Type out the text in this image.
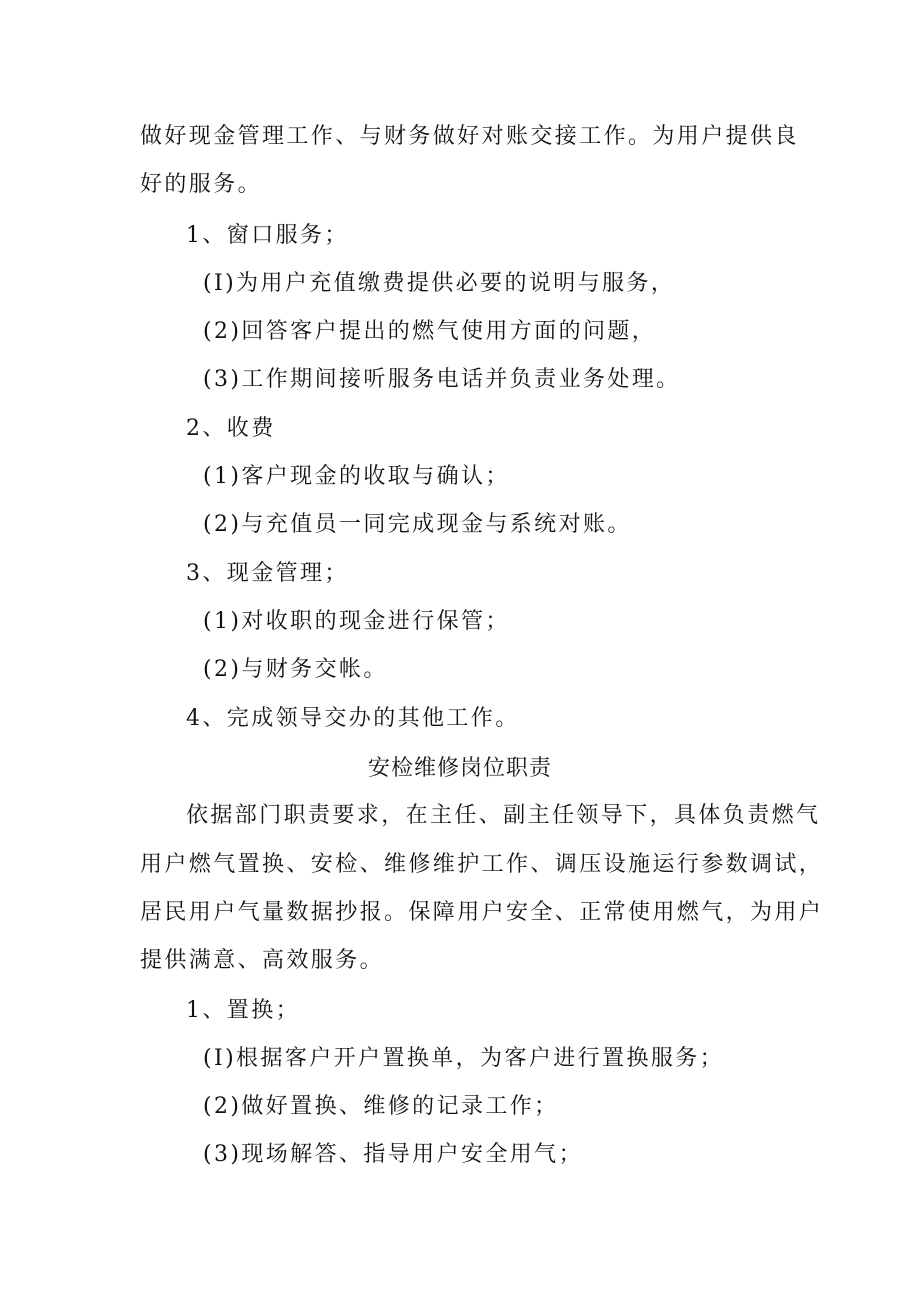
做好现金管理工作、与财务做好对账交接工作。为用户提供良
好的服务。
1、窗口服务；
(I)为用户充值缴费提供必要的说明与服务，
(2)回答客户提出的燃气使用方面的问题，
(3)工作期间接听服务电话并负责业务处理。
2、收费
(1)客户现金的收取与确认；
(2)与充值员一同完成现金与系统对账。
3、现金管理；
(1)对收职的现金进行保管；
(2)与财务交帐。
4、完成领导交办的其他工作。
安检维修岗位职责
依据部门职责要求，在主任、副主任领导下，具体负责燃气
用户燃气置换、安检、维修维护工作、调压设施运行参数调试，
居民用户气量数据抄报。保障用户安全、正常使用燃气，为用户
提供满意、高效服务。
1、置换；
(I)根据客户开户置换单，为客户进行置换服务；
(2)做好置换、维修的记录工作；
(3)现场解答、指导用户安全用气；
